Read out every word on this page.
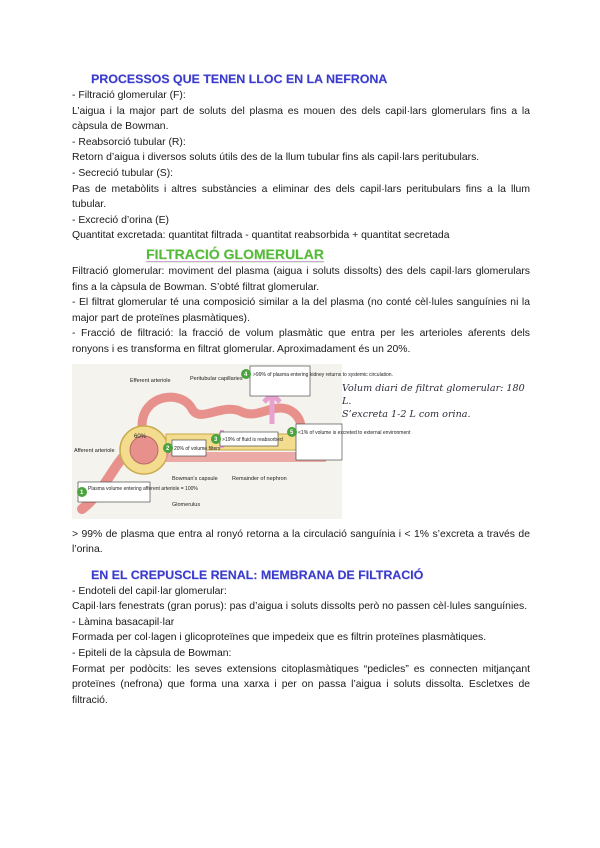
PROCESSOS QUE TENEN LLOC EN LA NEFRONA

- Filtració glomerular (F):

L’aigua i la major part de soluts del plasma es mouen des dels capil·lars glomerulars fins a la càpsula de Bowman.

- Reabsorció tubular (R):

Retorn d’aigua i diversos soluts útils des de la llum tubular fins als capil·lars peritubulars.

- Secreció tubular (S):

Pas de metabòlits i altres substàncies a eliminar des dels capil·lars peritubulars fins a la llum tubular.

- Excreció d’orina (E)

Quantitat excretada: quantitat filtrada - quantitat reabsorbida + quantitat secretada

FILTRACIÓ GLOMERULAR

Filtració glomerular: moviment del plasma (aigua i soluts dissolts) des dels capil·lars glomerulars fins a la càpsula de Bowman. S’obté filtrat glomerular.

- El filtrat glomerular té una composició similar a la del plasma (no conté cèl·lules sanguínies ni la major part de proteïnes plasmàtiques).

- Fracció de filtració: la fracció de volum plasmàtic que entra per les arterioles aferents dels ronyons i es transforma en filtrat glomerular. Aproximadament és un 20%.

Efferent arteriole	Peritubular capillaries
Afferent arteriole
Bowman's capsule
Glomerulus
Remainder of nephron
60%
Plasma volume entering afferent arteriole = 100%
20% of volume filters
>19% of fluid is reabsorbed
>99% of plasma entering kidney returns to systemic circulation.
<1% of volume is excreted to external environment
1
2
3
4
5
Volum diari de filtrat glomerular: 180 L.
S’excreta 1-2 L com orina.

> 99% de plasma que entra al ronyó retorna a la circulació sanguínia i < 1% s’excreta a través de l’orina.

EN EL CREPUSCLE RENAL: MEMBRANA DE FILTRACIÓ

- Endoteli del capil·lar glomerular:

Capil·lars fenestrats (gran porus): pas d’aigua i soluts dissolts però no passen cèl·lules sanguínies.

- Làmina basacapil·lar

Formada per col·lagen i glicoproteïnes que impedeix que es filtrin proteïnes plasmàtiques.

- Epiteli de la càpsula de Bowman:

Format per podòcits: les seves extensions citoplasmàtiques “pedicles” es connecten mitjançant proteïnes (nefrona) que forma una xarxa i per on passa l’aigua i soluts dissolta. Escletxes de filtració.
